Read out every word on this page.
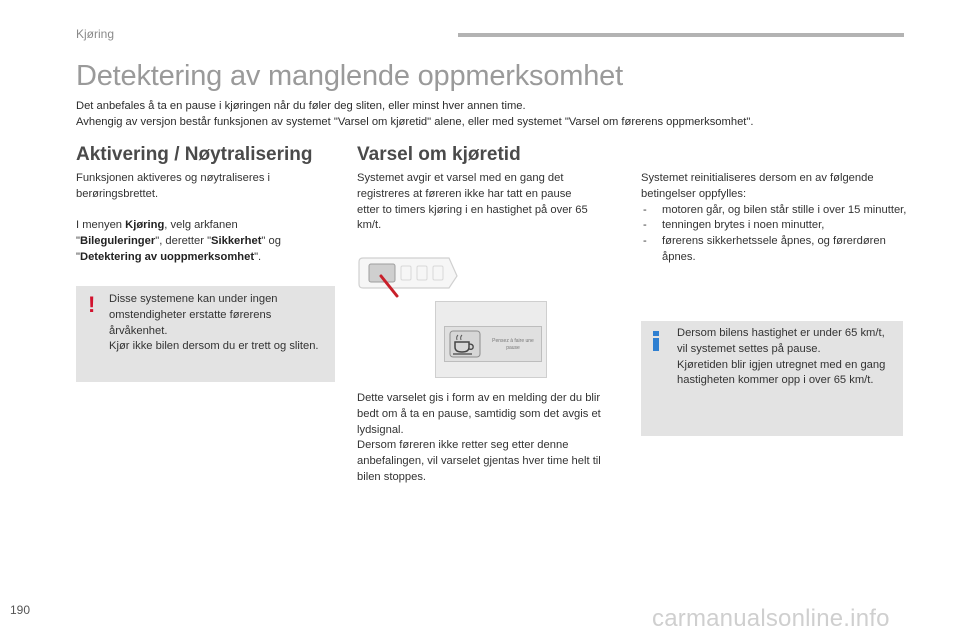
Kjøring
Detektering av manglende oppmerksomhet
Det anbefales å ta en pause i kjøringen når du føler deg sliten, eller minst hver annen time.
Avhengig av versjon består funksjonen av systemet "Varsel om kjøretid" alene, eller med systemet "Varsel om førerens oppmerksomhet".
Aktivering / Nøytralisering
Funksjonen aktiveres og nøytraliseres i berøringsbrettet.
I menyen Kjøring, velg arkfanen "Bileguleringer", deretter "Sikkerhet" og "Detektering av uoppmerksomhet".
! Disse systemene kan under ingen omstendigheter erstatte førerens årvåkenhet.
Kjør ikke bilen dersom du er trett og sliten.
Varsel om kjøretid
Systemet avgir et varsel med en gang det registreres at føreren ikke har tatt en pause etter to timers kjøring i en hastighet på over 65 km/t.
Pensez à faire une
pause
Dette varselet gis i form av en melding der du blir bedt om å ta en pause, samtidig som det avgis et lydsignal.
Dersom føreren ikke retter seg etter denne anbefalingen, vil varselet gjentas hver time helt til bilen stoppes.
Systemet reinitialiseres dersom en av følgende betingelser oppfylles:
- motoren går, og bilen står stille i over 15 minutter,
- tenningen brytes i noen minutter,
- førerens sikkerhetssele åpnes, og førerdøren åpnes.
Dersom bilens hastighet er under 65 km/t, vil systemet settes på pause.
Kjøretiden blir igjen utregnet med en gang hastigheten kommer opp i over 65 km/t.
190	carmanualsonline.info
